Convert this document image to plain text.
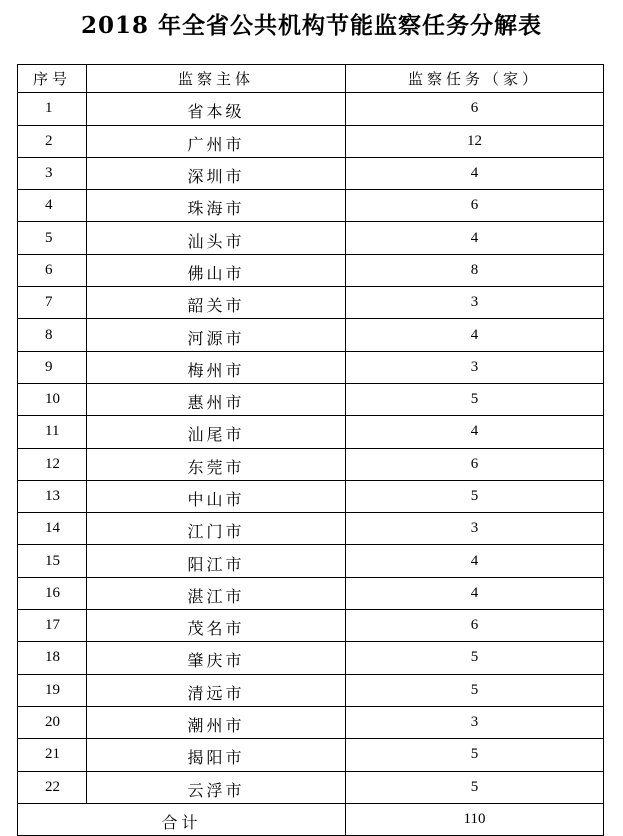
2018 年全省公共机构节能监察任务分解表
序号	监察主体	监察任务（家）
1	省本级	6
2	广州市	12
3	深圳市	4
4	珠海市	6
5	汕头市	4
6	佛山市	8
7	韶关市	3
8	河源市	4
9	梅州市	3
10	惠州市	5
11	汕尾市	4
12	东莞市	6
13	中山市	5
14	江门市	3
15	阳江市	4
16	湛江市	4
17	茂名市	6
18	肇庆市	5
19	清远市	5
20	潮州市	3
21	揭阳市	5
22	云浮市	5
合计		110
